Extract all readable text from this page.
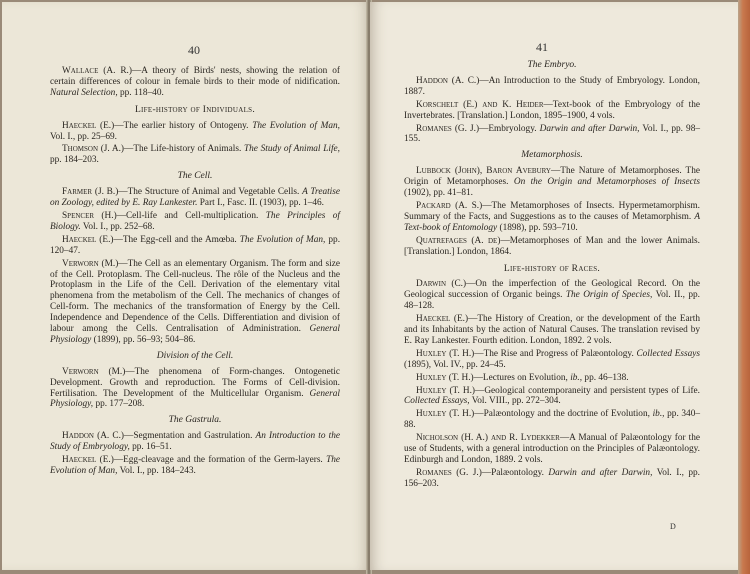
40

Wallace (A. R.)—A theory of Birds' nests, showing the relation of certain differences of colour in female birds to their mode of nidification. Natural Selection, pp. 118–40.

Life-history of Individuals.

Haeckel (E.)—The earlier history of Ontogeny. The Evolution of Man, Vol. I., pp. 25–69.

Thomson (J. A.)—The Life-history of Animals. The Study of Animal Life, pp. 184–203.

The Cell.

Farmer (J. B.)—The Structure of Animal and Vegetable Cells. A Treatise on Zoology, edited by E. Ray Lankester. Part I., Fasc. II. (1903), pp. 1–46.

Spencer (H.)—Cell-life and Cell-multiplication. The Principles of Biology. Vol. I., pp. 252–68.

Haeckel (E.)—The Egg-cell and the Amœba. The Evolution of Man, pp. 120–47.

Verworn (M.)—The Cell as an elementary Organism. The form and size of the Cell. Protoplasm. The Cell-nucleus. The rôle of the Nucleus and the Protoplasm in the Life of the Cell. Derivation of the elementary vital phenomena from the metabolism of the Cell. The mechanics of changes of Cell-form. The mechanics of the transformation of Energy by the Cell. Independence and Dependence of the Cells. Differentiation and division of labour among the Cells. Centralisation of Administration. General Physiology (1899), pp. 56–93; 504–86.

Division of the Cell.

Verworn (M.)—The phenomena of Form-changes. Ontogenetic Development. Growth and reproduction. The Forms of Cell-division. Fertilisation. The Development of the Multicellular Organism. General Physiology, pp. 177–208.

The Gastrula.

Haddon (A. C.)—Segmentation and Gastrulation. An Introduction to the Study of Embryology, pp. 16–51.

Haeckel (E.)—Egg-cleavage and the formation of the Germ-layers. The Evolution of Man, Vol. I., pp. 184–243.

41
The Embryo.

Haddon (A. C.)—An Introduction to the Study of Embryology. London, 1887.

Korschelt (E.) and K. Heider—Text-book of the Embryology of the Invertebrates. [Translation.] London, 1895–1900, 4 vols.

Romanes (G. J.)—Embryology. Darwin and after Darwin, Vol. I., pp. 98–155.

Metamorphosis.

Lubbock (John), Baron Avebury—The Nature of Metamorphoses. The Origin of Metamorphoses. On the Origin and Metamorphoses of Insects (1902), pp. 41–81.

Packard (A. S.)—The Metamorphoses of Insects. Hypermetamorphism. Summary of the Facts, and Suggestions as to the causes of Metamorphism. A Text-book of Entomology (1898), pp. 593–710.

Quatrefages (A. de)—Metamorphoses of Man and the lower Animals. [Translation.] London, 1864.

Life-history of Races.

Darwin (C.)—On the imperfection of the Geological Record. On the Geological succession of Organic beings. The Origin of Species, Vol. II., pp. 48–128.

Haeckel (E.)—The History of Creation, or the development of the Earth and its Inhabitants by the action of Natural Causes. The translation revised by E. Ray Lankester. Fourth edition. London, 1892. 2 vols.

Huxley (T. H.)—The Rise and Progress of Palæontology. Collected Essays (1895), Vol. IV., pp. 24–45.

Huxley (T. H.)—Lectures on Evolution, ib., pp. 46–138.

Huxley (T. H.)—Geological contemporaneity and persistent types of Life. Collected Essays, Vol. VIII., pp. 272–304.

Huxley (T. H.)—Palæontology and the doctrine of Evolution, ib., pp. 340–88.

Nicholson (H. A.) and R. Lydekker—A Manual of Palæontology for the use of Students, with a general introduction on the Principles of Palæontology. Edinburgh and London, 1889. 2 vols.

Romanes (G. J.)—Palæontology. Darwin and after Darwin, Vol. I., pp. 156–203.

D
